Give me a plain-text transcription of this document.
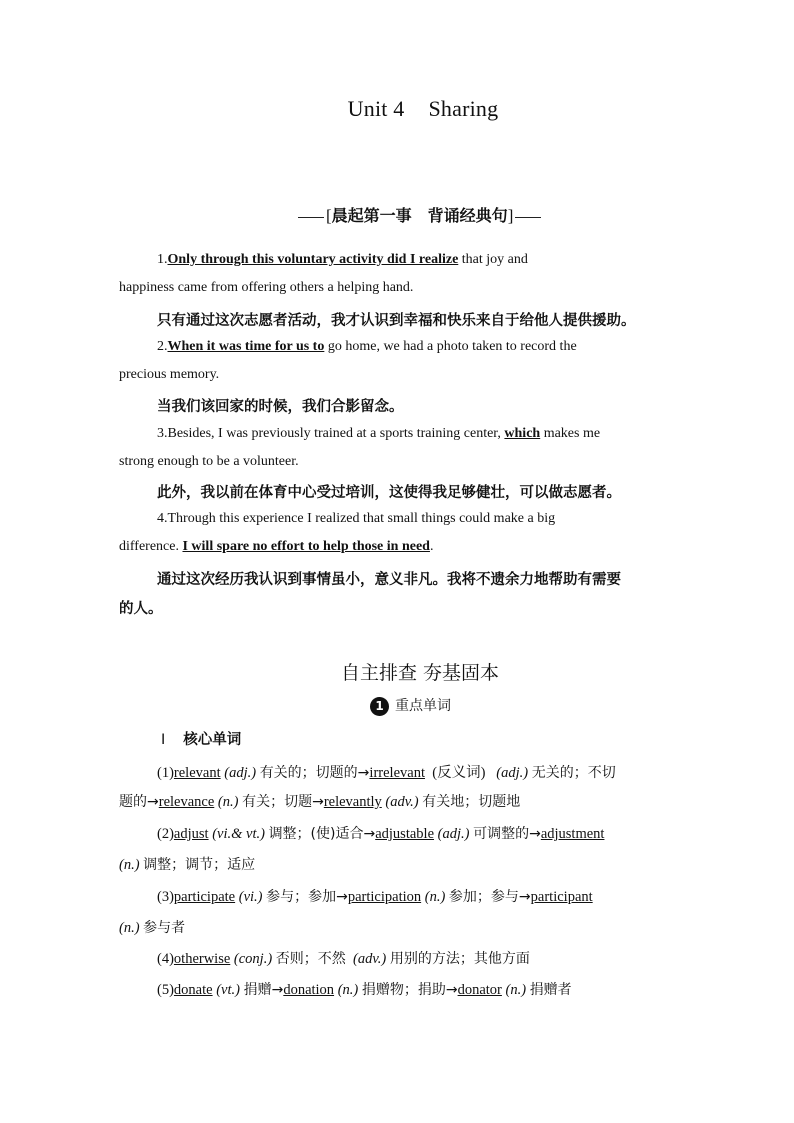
Unit 4 Sharing
[晨起第一事　背诵经典句]
1.Only through this voluntary activity did I realize that joy and
happiness came from offering others a helping hand.
只有通过这次志愿者活动，我才认识到幸福和快乐来自于给他人提供援助。
2.When it was time for us to go home, we had a photo taken to record the
precious memory.
当我们该回家的时候，我们合影留念。
3.Besides, I was previously trained at a sports training center, which makes me
strong enough to be a volunteer.
此外，我以前在体育中心受过培训，这使得我足够健壮，可以做志愿者。
4.Through this experience I realized that small things could make a big
difference. I will spare no effort to help those in need.
通过这次经历我认识到事情虽小，意义非凡。我将不遗余力地帮助有需要
的人。
自主排查 夯基固本
1 重点单词
Ⅰ 核心单词
(1)relevant (adj.) 有关的；切题的→irrelevant (反义词) (adj.) 无关的；不切
题的→relevance (n.) 有关；切题→relevantly (adv.) 有关地；切题地
(2)adjust (vi.& vt.) 调整；(使)适合→adjustable (adj.) 可调整的→adjustment
(n.) 调整；调节；适应
(3)participate (vi.) 参与；参加→participation (n.) 参加；参与→participant
(n.) 参与者
(4)otherwise (conj.) 否则；不然 (adv.) 用别的方法；其他方面
(5)donate (vt.) 捐赠→donation (n.) 捐赠物；捐助→donator (n.) 捐赠者
